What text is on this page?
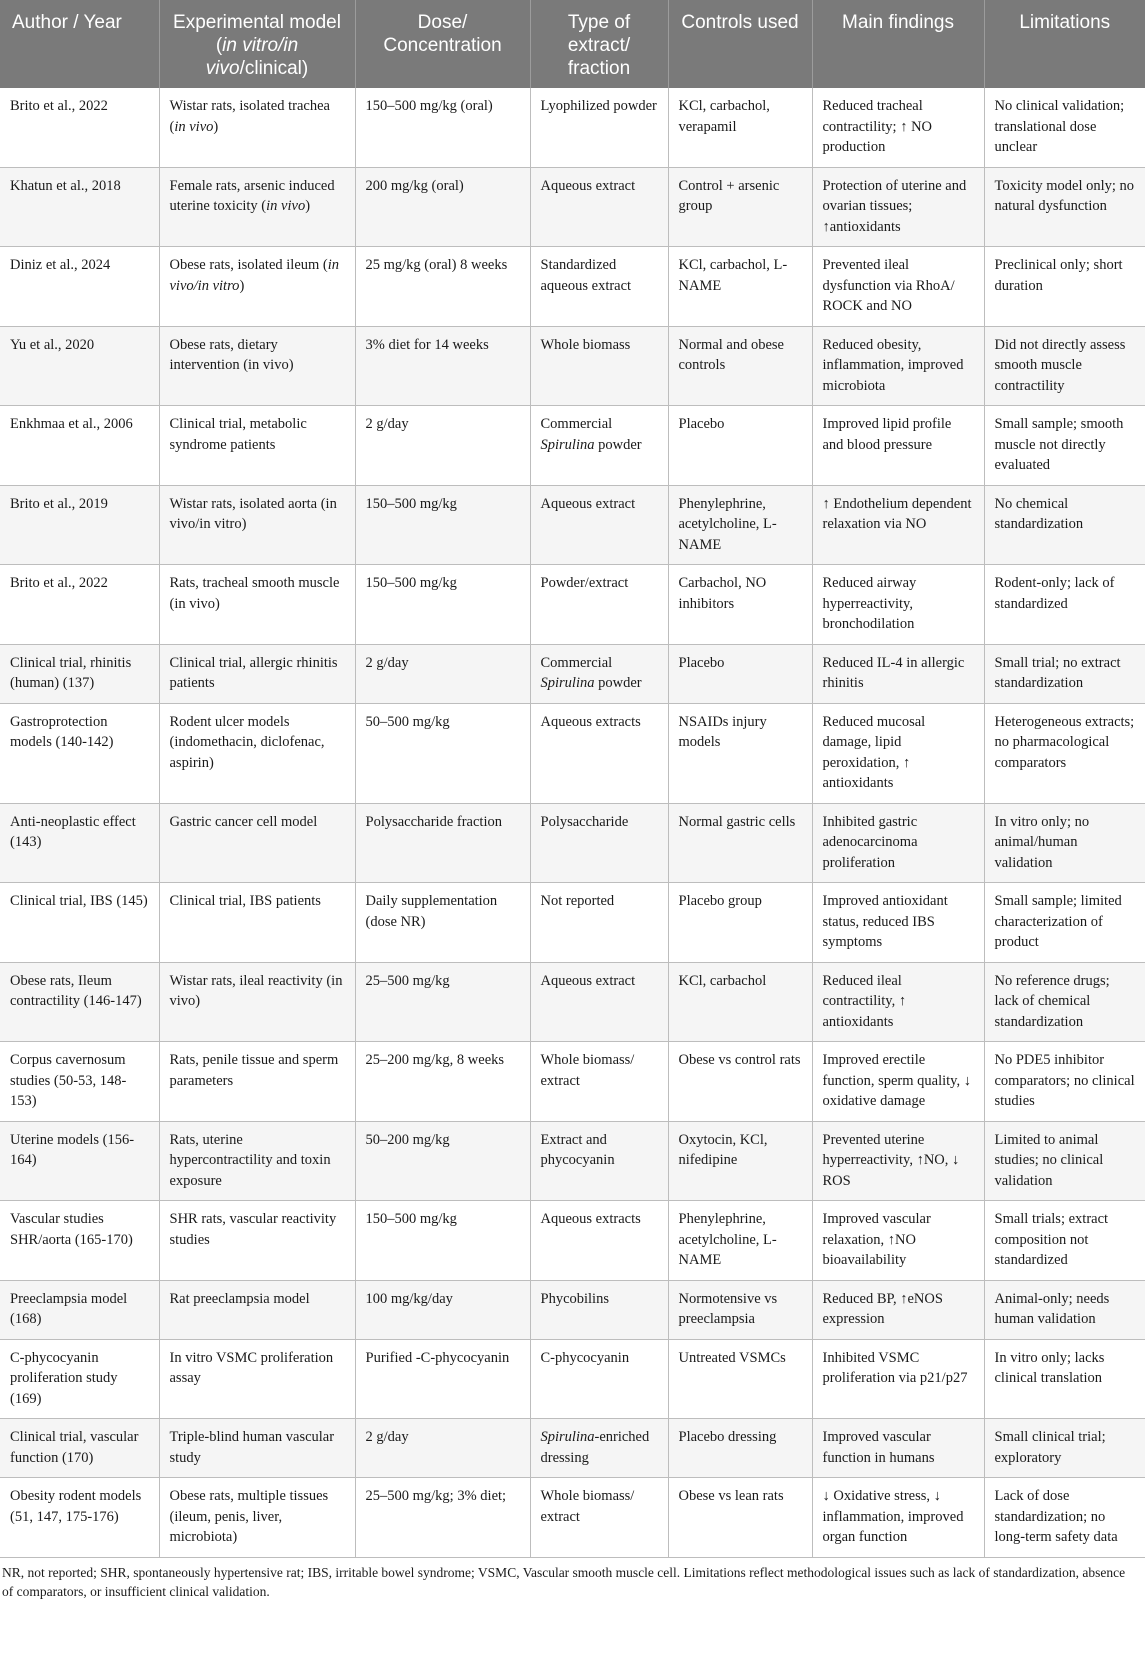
Author / Year	Experimental model (in vitro/in vivo/clinical)	Dose/ Concentration	Type of extract/ fraction	Controls used	Main findings	Limitations
Brito et al., 2022	Wistar rats, isolated trachea (in vivo)	150–500 mg/kg (oral)	Lyophilized powder	KCl, carbachol, verapamil	Reduced tracheal contractility; ↑ NO production	No clinical validation; translational dose unclear
Khatun et al., 2018	Female rats, arsenic induced uterine toxicity (in vivo)	200 mg/kg (oral)	Aqueous extract	Control + arsenic group	Protection of uterine and ovarian tissues; ↑antioxidants	Toxicity model only; no natural dysfunction
Diniz et al., 2024	Obese rats, isolated ileum (in vivo/in vitro)	25 mg/kg (oral) 8 weeks	Standardized aqueous extract	KCl, carbachol, L-NAME	Prevented ileal dysfunction via RhoA/ ROCK and NO	Preclinical only; short duration
Yu et al., 2020	Obese rats, dietary intervention (in vivo)	3% diet for 14 weeks	Whole biomass	Normal and obese controls	Reduced obesity, inflammation, improved microbiota	Did not directly assess smooth muscle contractility
Enkhmaa et al., 2006	Clinical trial, metabolic syndrome patients	2 g/day	Commercial Spirulina powder	Placebo	Improved lipid profile and blood pressure	Small sample; smooth muscle not directly evaluated
Brito et al., 2019	Wistar rats, isolated aorta (in vivo/in vitro)	150–500 mg/kg	Aqueous extract	Phenylephrine, acetylcholine, L-NAME	↑ Endothelium dependent relaxation via NO	No chemical standardization
Brito et al., 2022	Rats, tracheal smooth muscle (in vivo)	150–500 mg/kg	Powder/extract	Carbachol, NO inhibitors	Reduced airway hyperreactivity, bronchodilation	Rodent-only; lack of standardized
Clinical trial, rhinitis (human) (137)	Clinical trial, allergic rhinitis patients	2 g/day	Commercial Spirulina powder	Placebo	Reduced IL-4 in allergic rhinitis	Small trial; no extract standardization
Gastroprotection models (140-142)	Rodent ulcer models (indomethacin, diclofenac, aspirin)	50–500 mg/kg	Aqueous extracts	NSAIDs injury models	Reduced mucosal damage, lipid peroxidation, ↑ antioxidants	Heterogeneous extracts; no pharmacological comparators
Anti-neoplastic effect (143)	Gastric cancer cell model	Polysaccharide fraction	Polysaccharide	Normal gastric cells	Inhibited gastric adenocarcinoma proliferation	In vitro only; no animal/human validation
Clinical trial, IBS (145)	Clinical trial, IBS patients	Daily supplementation (dose NR)	Not reported	Placebo group	Improved antioxidant status, reduced IBS symptoms	Small sample; limited characterization of product
Obese rats, Ileum contractility (146-147)	Wistar rats, ileal reactivity (in vivo)	25–500 mg/kg	Aqueous extract	KCl, carbachol	Reduced ileal contractility, ↑ antioxidants	No reference drugs; lack of chemical standardization
Corpus cavernosum studies (50-53, 148-153)	Rats, penile tissue and sperm parameters	25–200 mg/kg, 8 weeks	Whole biomass/ extract	Obese vs control rats	Improved erectile function, sperm quality, ↓ oxidative damage	No PDE5 inhibitor comparators; no clinical studies
Uterine models (156-164)	Rats, uterine hypercontractility and toxin exposure	50–200 mg/kg	Extract and phycocyanin	Oxytocin, KCl, nifedipine	Prevented uterine hyperreactivity, ↑NO, ↓ ROS	Limited to animal studies; no clinical validation
Vascular studies SHR/aorta (165-170)	SHR rats, vascular reactivity studies	150–500 mg/kg	Aqueous extracts	Phenylephrine, acetylcholine, L-NAME	Improved vascular relaxation, ↑NO bioavailability	Small trials; extract composition not standardized
Preeclampsia model (168)	Rat preeclampsia model	100 mg/kg/day	Phycobilins	Normotensive vs preeclampsia	Reduced BP, ↑eNOS expression	Animal-only; needs human validation
C-phycocyanin proliferation study (169)	In vitro VSMC proliferation assay	Purified -C-phycocyanin	C-phycocyanin	Untreated VSMCs	Inhibited VSMC proliferation via p21/p27	In vitro only; lacks clinical translation
Clinical trial, vascular function (170)	Triple-blind human vascular study	2 g/day	Spirulina-enriched dressing	Placebo dressing	Improved vascular function in humans	Small clinical trial; exploratory
Obesity rodent models (51, 147, 175-176)	Obese rats, multiple tissues (ileum, penis, liver, microbiota)	25–500 mg/kg; 3% diet;	Whole biomass/ extract	Obese vs lean rats	↓ Oxidative stress, ↓ inflammation, improved organ function	Lack of dose standardization; no long-term safety data
NR, not reported; SHR, spontaneously hypertensive rat; IBS, irritable bowel syndrome; VSMC, Vascular smooth muscle cell. Limitations reflect methodological issues such as lack of standardization, absence of comparators, or insufficient clinical validation.
